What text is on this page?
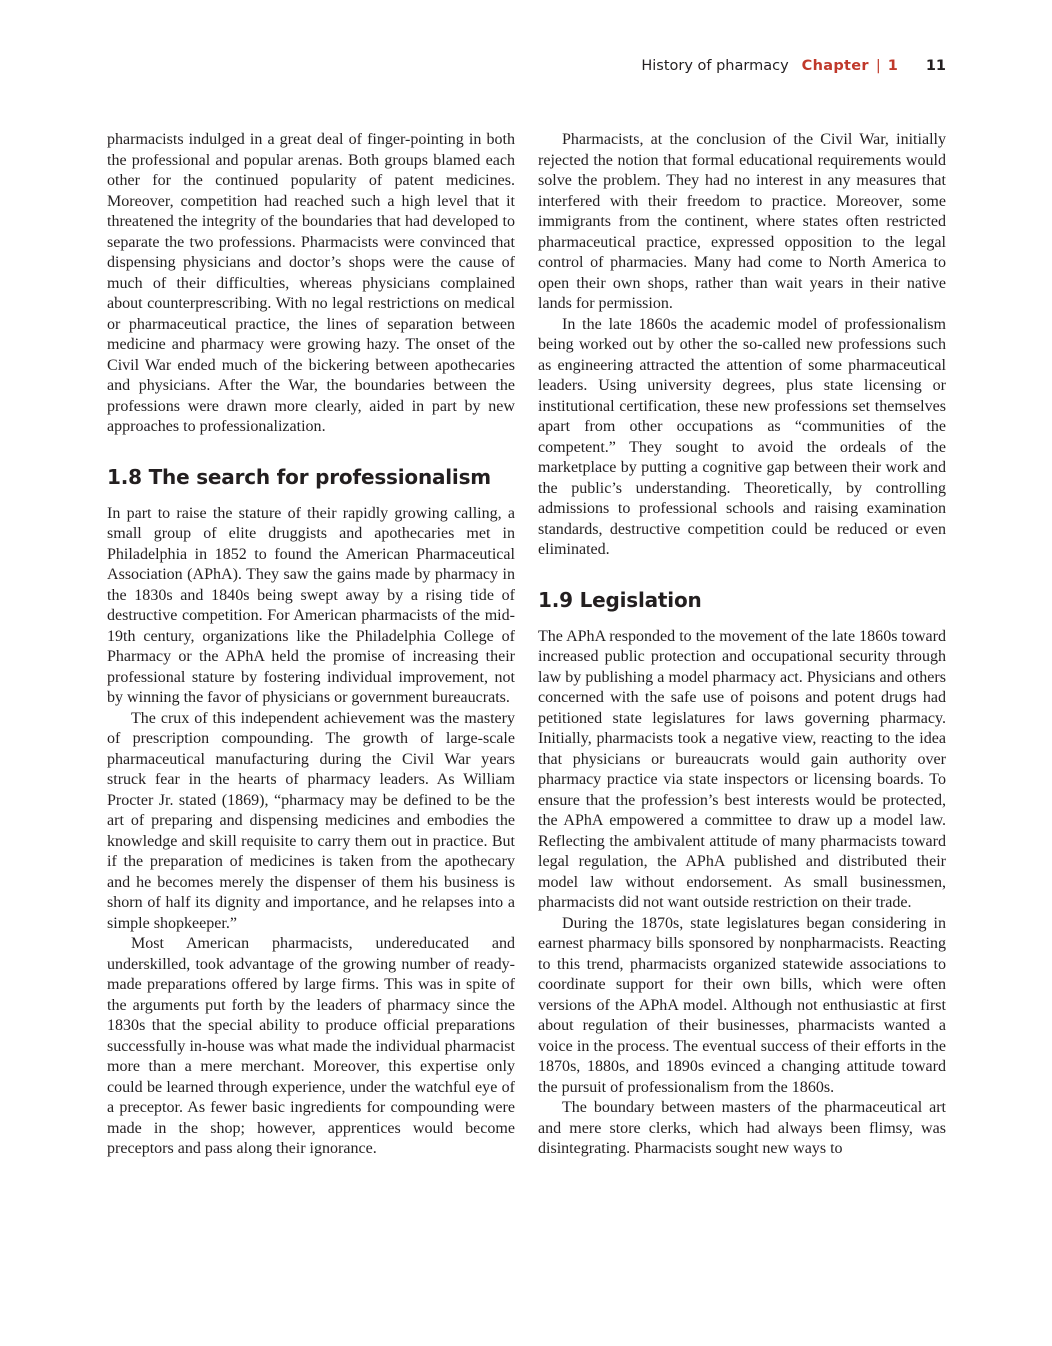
History of pharmacy Chapter | 1 11

pharmacists indulged in a great deal of finger-pointing in both the professional and popular arenas. Both groups blamed each other for the continued popularity of patent medicines. Moreover, competition had reached such a high level that it threatened the integrity of the boundaries that had developed to separate the two professions. Pharmacists were convinced that dispensing physicians and doctor’s shops were the cause of much of their difficulties, whereas physicians complained about counterprescribing. With no legal restrictions on medical or pharmaceutical practice, the lines of separation between medicine and pharmacy were growing hazy. The onset of the Civil War ended much of the bickering between apothecaries and physicians. After the War, the boundaries between the professions were drawn more clearly, aided in part by new approaches to professionalization.

1.8 The search for professionalism

In part to raise the stature of their rapidly growing calling, a small group of elite druggists and apothecaries met in Philadelphia in 1852 to found the American Pharmaceutical Association (APhA). They saw the gains made by pharmacy in the 1830s and 1840s being swept away by a rising tide of destructive competition. For American pharmacists of the mid-19th century, organizations like the Philadelphia College of Pharmacy or the APhA held the promise of increasing their professional stature by fostering individual improvement, not by winning the favor of physicians or government bureaucrats.

The crux of this independent achievement was the mastery of prescription compounding. The growth of large-scale pharmaceutical manufacturing during the Civil War years struck fear in the hearts of pharmacy leaders. As William Procter Jr. stated (1869), “pharmacy may be defined to be the art of preparing and dispensing medicines and embodies the knowledge and skill requisite to carry them out in practice. But if the preparation of medicines is taken from the apothecary and he becomes merely the dispenser of them his business is shorn of half its dignity and importance, and he relapses into a simple shopkeeper.”

Most American pharmacists, undereducated and underskilled, took advantage of the growing number of ready-made preparations offered by large firms. This was in spite of the arguments put forth by the leaders of pharmacy since the 1830s that the special ability to produce official preparations successfully in-house was what made the individual pharmacist more than a mere merchant. Moreover, this expertise only could be learned through experience, under the watchful eye of a preceptor. As fewer basic ingredients for compounding were made in the shop; however, apprentices would become preceptors and pass along their ignorance.

Pharmacists, at the conclusion of the Civil War, initially rejected the notion that formal educational requirements would solve the problem. They had no interest in any measures that interfered with their freedom to practice. Moreover, some immigrants from the continent, where states often restricted pharmaceutical practice, expressed opposition to the legal control of pharmacies. Many had come to North America to open their own shops, rather than wait years in their native lands for permission.

In the late 1860s the academic model of professionalism being worked out by other the so-called new professions such as engineering attracted the attention of some pharmaceutical leaders. Using university degrees, plus state licensing or institutional certification, these new professions set themselves apart from other occupations as “communities of the competent.” They sought to avoid the ordeals of the marketplace by putting a cognitive gap between their work and the public’s understanding. Theoretically, by controlling admissions to professional schools and raising examination standards, destructive competition could be reduced or even eliminated.

1.9 Legislation

The APhA responded to the movement of the late 1860s toward increased public protection and occupational security through law by publishing a model pharmacy act. Physicians and others concerned with the safe use of poisons and potent drugs had petitioned state legislatures for laws governing pharmacy. Initially, pharmacists took a negative view, reacting to the idea that physicians or bureaucrats would gain authority over pharmacy practice via state inspectors or licensing boards. To ensure that the profession’s best interests would be protected, the APhA empowered a committee to draw up a model law. Reflecting the ambivalent attitude of many pharmacists toward legal regulation, the APhA published and distributed their model law without endorsement. As small businessmen, pharmacists did not want outside restriction on their trade.

During the 1870s, state legislatures began considering in earnest pharmacy bills sponsored by nonpharmacists. Reacting to this trend, pharmacists organized statewide associations to coordinate support for their own bills, which were often versions of the APhA model. Although not enthusiastic at first about regulation of their businesses, pharmacists wanted a voice in the process. The eventual success of their efforts in the 1870s, 1880s, and 1890s evinced a changing attitude toward the pursuit of professionalism from the 1860s.

The boundary between masters of the pharmaceutical art and mere store clerks, which had always been flimsy, was disintegrating. Pharmacists sought new ways to
